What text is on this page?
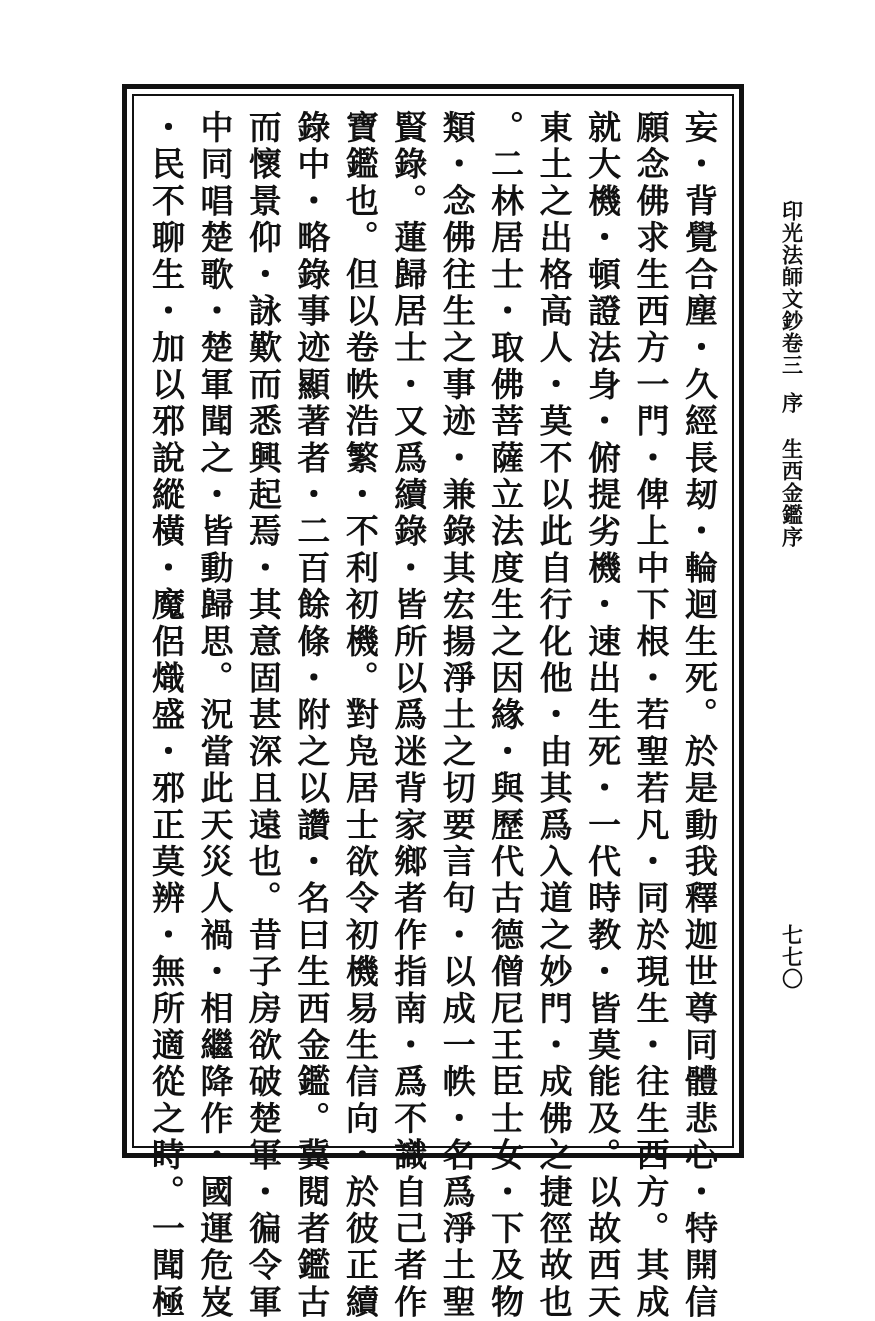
妄・背覺合塵・久經長刼・輪迴生死。於是動我釋迦世尊同體悲心・特開信
願念佛求生西方一門・俾上中下根・若聖若凡・同於現生・往生西方。其成
就大機・頓證法身・俯提劣機・速出生死・一代時教・皆莫能及。以故西天
東土之出格高人・莫不以此自行化他・由其爲入道之妙門・成佛之捷徑故也
。二林居士・取佛菩薩立法度生之因緣・與歷代古德僧尼王臣士女・下及物
類・念佛往生之事迹・兼錄其宏揚淨土之切要言句・以成一帙・名爲淨土聖
賢錄。蓮歸居士・又爲續錄・皆所以爲迷背家鄉者作指南・爲不識自己者作
寶鑑也。但以卷帙浩繁・不利初機。對凫居士欲令初機易生信向・於彼正續
錄中・略錄事迹顯著者・二百餘條・附之以讚・名曰生西金鑑。冀閱者鑑古
而懷景仰・詠歎而悉興起焉・其意固甚深且遠也。昔子房欲破楚軍・徧令軍
中同唱楚歌・楚軍聞之・皆動歸思。況當此天災人禍・相繼降作・國運危岌
・民不聊生・加以邪說縱橫・魔侶熾盛・邪正莫辨・無所適從之時。一聞極	印光法師文鈔卷三
序
生西金鑑序
七七〇
